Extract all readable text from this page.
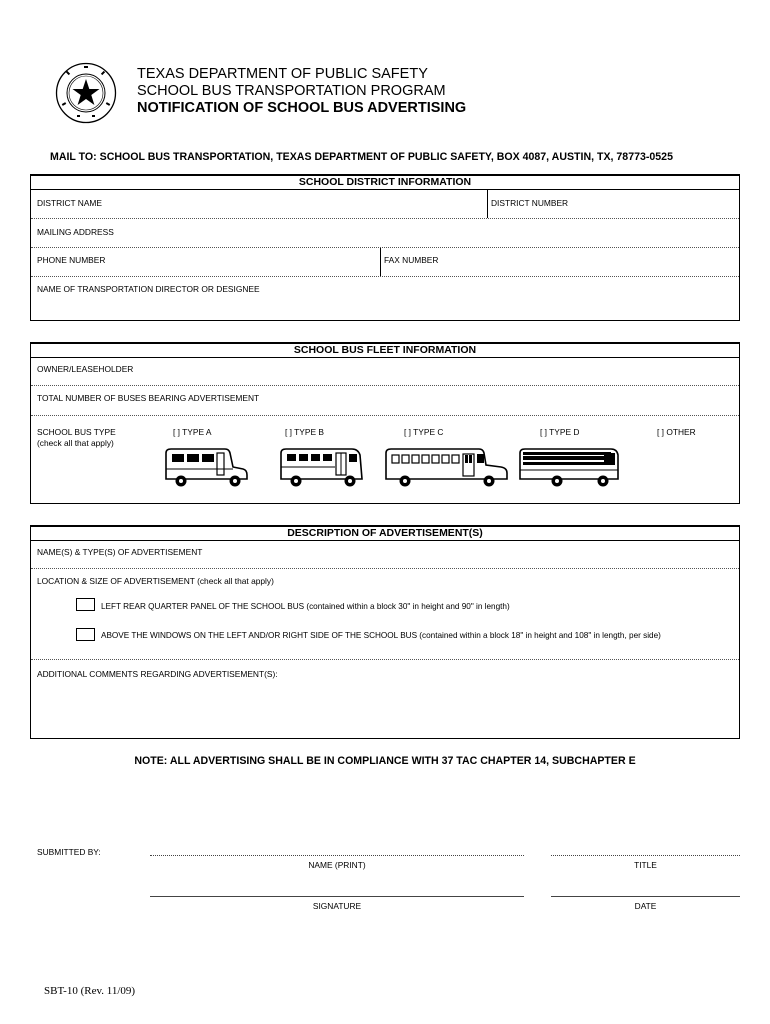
M
TEXAS DEPARTMENT OF PUBLIC SAFETY
SCHOOL BUS TRANSPORTATION PROGRAM
NOTIFICATION OF SCHOOL BUS ADVERTISING
MAIL TO: SCHOOL BUS TRANSPORTATION, TEXAS DEPARTMENT OF PUBLIC SAFETY, BOX 4087, AUSTIN, TX, 78773-0525
SCHOOL DISTRICT INFORMATION
DISTRICT NAME	DISTRICT NUMBER
MAILING ADDRESS
PHONE NUMBER	FAX NUMBER
NAME OF TRANSPORTATION DIRECTOR OR DESIGNEE
SCHOOL BUS FLEET INFORMATION
OWNER/LEASEHOLDER
TOTAL NUMBER OF BUSES BEARING ADVERTISEMENT
SCHOOL BUS TYPE
(check all that apply)
[ ] TYPE A	[ ] TYPE B	[ ] TYPE C	[ ] TYPE D	[ ] OTHER
DESCRIPTION OF ADVERTISEMENT(S)
NAME(S) & TYPE(S) OF ADVERTISEMENT
LOCATION & SIZE OF ADVERTISEMENT (check all that apply)
LEFT REAR QUARTER PANEL OF THE SCHOOL BUS (contained within a block 30" in height and 90" in length)
ABOVE THE WINDOWS ON THE LEFT AND/OR RIGHT SIDE OF THE SCHOOL BUS (contained within a block 18" in height and 108" in length, per side)
ADDITIONAL COMMENTS REGARDING ADVERTISEMENT(S):
NOTE: ALL ADVERTISING SHALL BE IN COMPLIANCE WITH 37 TAC CHAPTER 14, SUBCHAPTER E
SUBMITTED BY:
NAME (PRINT)	TITLE
SIGNATURE	DATE
SBT-10 (Rev. 11/09)
